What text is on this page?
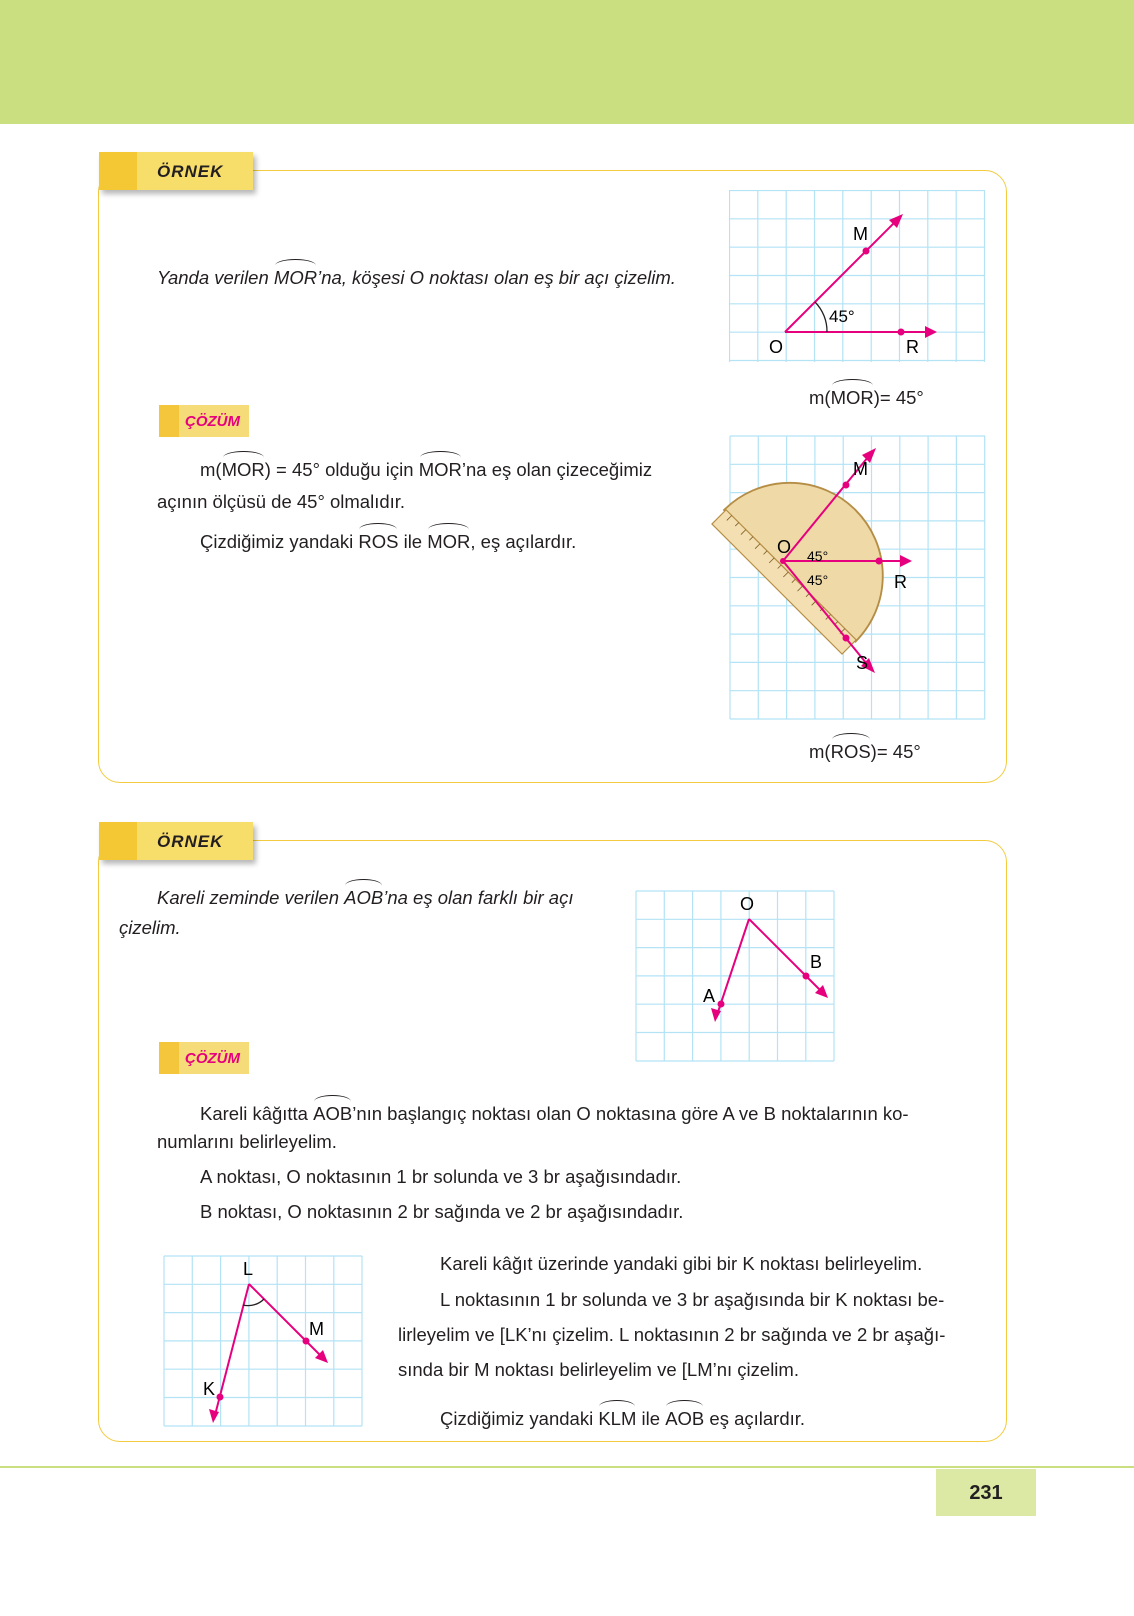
ÖRNEK
Yanda verilen MOR’na, köşesi O noktası olan eş bir açı çizelim.
M
O	R
45°
m(MOR)= 45°
ÇÖZÜM
m(MOR) = 45° olduğu için MOR’na eş olan çizeceğimiz
açının ölçüsü de 45° olmalıdır.
Çizdiğimiz yandaki ROS ile MOR, eş açılardır.
M
O
R
S
45°
45°
m(ROS)= 45°
ÖRNEK
Kareli zeminde verilen AOB’na eş olan farklı bir açı
çizelim.
O
A
B
ÇÖZÜM
Kareli kâğıtta AOB’nın başlangıç noktası olan O noktasına göre A ve B noktalarının ko-
numlarını belirleyelim.
A noktası, O noktasının 1 br solunda ve 3 br aşağısındadır.
B noktası, O noktasının 2 br sağında ve 2 br aşağısındadır.
L
K
M
Kareli kâğıt üzerinde yandaki gibi bir K noktası belirleyelim.
L noktasının 1 br solunda ve 3 br aşağısında bir K noktası be-
lirleyelim ve [LK’nı çizelim. L noktasının 2 br sağında ve 2 br aşağı-
sında bir M noktası belirleyelim ve [LM’nı çizelim.
Çizdiğimiz yandaki KLM ile AOB eş açılardır.
231
